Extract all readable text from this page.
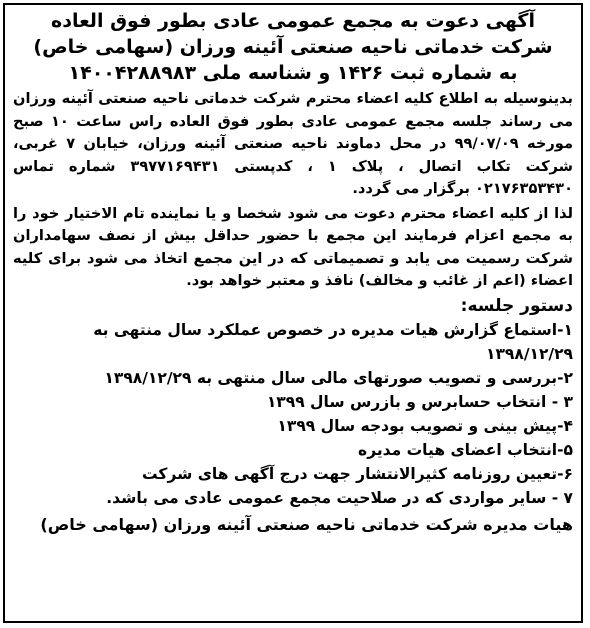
آگهی دعوت به مجمع عمومی عادی بطور فوق العاده

شرکت خدماتی ناحیه صنعتی آئینه ورزان (سهامی خاص)

به شماره ثبت ۱۴۲۶ و شناسه ملی ۱۴۰۰۴۲۸۸۹۸۳

بدینوسیله به اطلاع کلیه اعضاء محترم شرکت خدماتی ناحیه صنعتی آئینه ورزان می رساند جلسه مجمع عمومی عادی بطور فوق العاده راس ساعت ۱۰ صبح مورخه ۹۹/۰۷/۰۹ در محل دماوند ناحیه صنعتی آئینه ورزان، خیابان ۷ غربی، شرکت تکاب اتصال ، پلاک ۱ ، کدپستی ۳۹۷۷۱۶۹۴۳۱ شماره تماس ۰۲۱۷۶۳۵۳۴۳۰ برگزار می گردد.

لذا از کلیه اعضاء محترم دعوت می شود شخصا و یا نماینده تام الاختیار خود را به مجمع اعزام فرمایند این مجمع با حضور حداقل بیش از نصف سهامداران شرکت رسمیت می یابد و تصمیماتی که در این مجمع اتخاذ می شود برای کلیه اعضاء (اعم از غائب و مخالف) نافذ و معتبر خواهد بود.

دستور جلسه:

۱-استماع گزارش هیات مدیره در خصوص عملکرد سال منتهی به ۱۳۹۸/۱۲/۲۹
۲-بررسی و تصویب صورتهای مالی سال منتهی به ۱۳۹۸/۱۲/۲۹
۳ - انتخاب حسابرس و بازرس سال ۱۳۹۹
۴-پیش بینی و تصویب بودجه سال ۱۳۹۹
۵-انتخاب اعضای هیات مدیره
۶-تعیین روزنامه کثیرالانتشار جهت درج آگهی های شرکت
۷ - سایر مواردی که در صلاحیت مجمع عمومی عادی می باشد.

هیات مدیره شرکت خدماتی ناحیه صنعتی آئینه ورزان (سهامی خاص)
